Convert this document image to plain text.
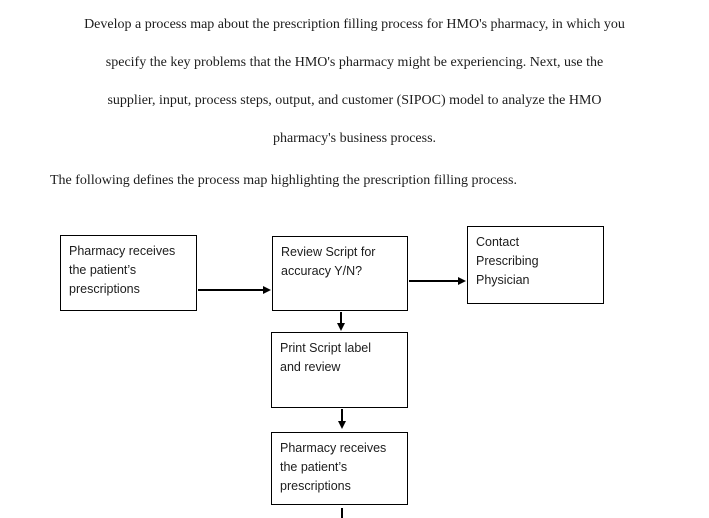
Develop a process map about the prescription filling process for HMO's pharmacy, in which you
specify the key problems that the HMO's pharmacy might be experiencing. Next, use the
supplier, input, process steps, output, and customer (SIPOC) model to analyze the HMO
pharmacy's business process.
The following defines the process map highlighting the prescription filling process.
Pharmacy receives
the patient’s
prescriptions
Review Script for
accuracy Y/N?
Contact
Prescribing
Physician
Print Script label
and review
Pharmacy receives
the patient’s
prescriptions
